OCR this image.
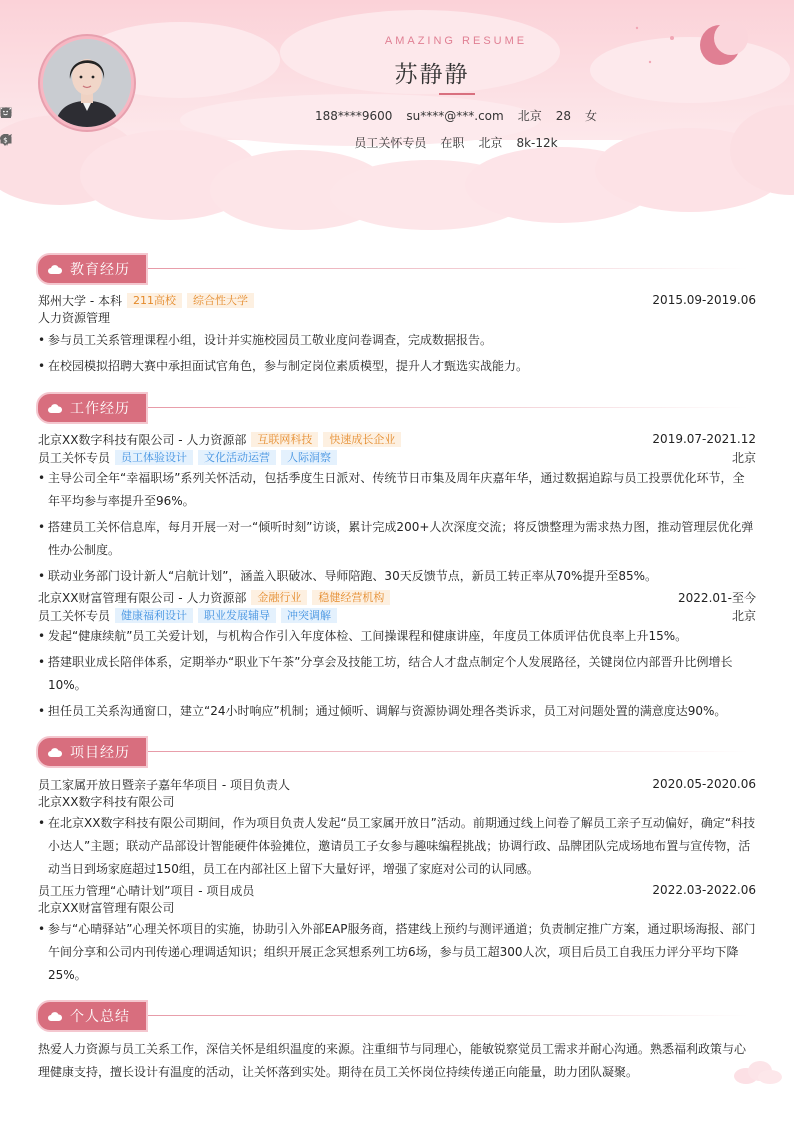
AMAZING RESUME
苏静静
188****9600 su****@***.com 北京 28 女
员工关怀专员 在职 北京
$	8k-12k
教育经历
郑州大学 - 本科	211高校	综合性大学	2015.09-2019.06
人力资源管理
• 参与员工关系管理课程小组，设计并实施校园员工敬业度问卷调查，完成数据报告。
• 在校园模拟招聘大赛中承担面试官角色，参与制定岗位素质模型，提升人才甄选实战能力。
工作经历
北京XX数字科技有限公司 - 人力资源部	互联网科技	快速成长企业	2019.07-2021.12
员工关怀专员	员工体验设计	文化活动运营	人际洞察	北京
• 主导公司全年“幸福职场”系列关怀活动，包括季度生日派对、传统节日市集及周年庆嘉年华，通过数据追踪与员工投票优化环节，全年平均参与率提升至96%。
• 搭建员工关怀信息库，每月开展一对一“倾听时刻”访谈，累计完成200+人次深度交流；将反馈整理为需求热力图，推动管理层优化弹性办公制度。
• 联动业务部门设计新人“启航计划”，涵盖入职破冰、导师陪跑、30天反馈节点，新员工转正率从70%提升至85%。
北京XX财富管理有限公司 - 人力资源部	金融行业	稳健经营机构	2022.01-至今
员工关怀专员	健康福利设计	职业发展辅导	冲突调解	北京
• 发起“健康续航”员工关爱计划，与机构合作引入年度体检、工间操课程和健康讲座，年度员工体质评估优良率上升15%。
• 搭建职业成长陪伴体系，定期举办“职业下午茶”分享会及技能工坊，结合人才盘点制定个人发展路径，关键岗位内部晋升比例增长10%。
• 担任员工关系沟通窗口，建立“24小时响应”机制；通过倾听、调解与资源协调处理各类诉求，员工对问题处置的满意度达90%。
项目经历
员工家属开放日暨亲子嘉年华项目 - 项目负责人	2020.05-2020.06
北京XX数字科技有限公司
• 在北京XX数字科技有限公司期间，作为项目负责人发起“员工家属开放日”活动。前期通过线上问卷了解员工亲子互动偏好，确定“科技小达人”主题；联动产品部设计智能硬件体验摊位，邀请员工子女参与趣味编程挑战；协调行政、品牌团队完成场地布置与宣传物，活动当日到场家庭超过150组，员工在内部社区上留下大量好评，增强了家庭对公司的认同感。
员工压力管理“心晴计划”项目 - 项目成员	2022.03-2022.06
北京XX财富管理有限公司
• 参与“心晴驿站”心理关怀项目的实施，协助引入外部EAP服务商，搭建线上预约与测评通道；负责制定推广方案，通过职场海报、部门午间分享和公司内刊传递心理调适知识；组织开展正念冥想系列工坊6场，参与员工超300人次，项目后员工自我压力评分平均下降25%。
个人总结
热爱人力资源与员工关系工作，深信关怀是组织温度的来源。注重细节与同理心，能敏锐察觉员工需求并耐心沟通。熟悉福利政策与心理健康支持，擅长设计有温度的活动，让关怀落到实处。期待在员工关怀岗位持续传递正向能量，助力团队凝聚。
